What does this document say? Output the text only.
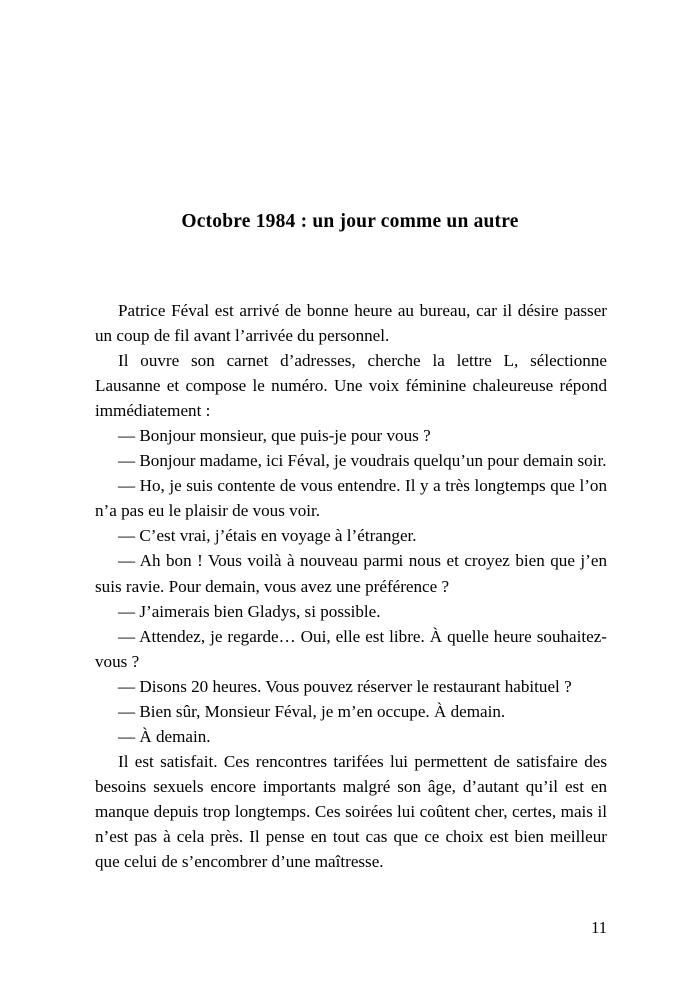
Octobre 1984 : un jour comme un autre

Patrice Féval est arrivé de bonne heure au bureau, car il désire passer un coup de fil avant l’arrivée du personnel.

Il ouvre son carnet d’adresses, cherche la lettre L, sélectionne Lausanne et compose le numéro. Une voix féminine chaleureuse répond immédiatement :

— Bonjour monsieur, que puis-je pour vous ?

— Bonjour madame, ici Féval, je voudrais quelqu’un pour demain soir.

— Ho, je suis contente de vous entendre. Il y a très longtemps que l’on n’a pas eu le plaisir de vous voir.

— C’est vrai, j’étais en voyage à l’étranger.

— Ah bon ! Vous voilà à nouveau parmi nous et croyez bien que j’en suis ravie. Pour demain, vous avez une préférence ?

— J’aimerais bien Gladys, si possible.

— Attendez, je regarde… Oui, elle est libre. À quelle heure souhaitez-vous ?

— Disons 20 heures. Vous pouvez réserver le restaurant habituel ?

— Bien sûr, Monsieur Féval, je m’en occupe. À demain.

— À demain.

Il est satisfait. Ces rencontres tarifées lui permettent de satisfaire des besoins sexuels encore importants malgré son âge, d’autant qu’il est en manque depuis trop longtemps. Ces soirées lui coûtent cher, certes, mais il n’est pas à cela près. Il pense en tout cas que ce choix est bien meilleur que celui de s’encombrer d’une maîtresse.

11
